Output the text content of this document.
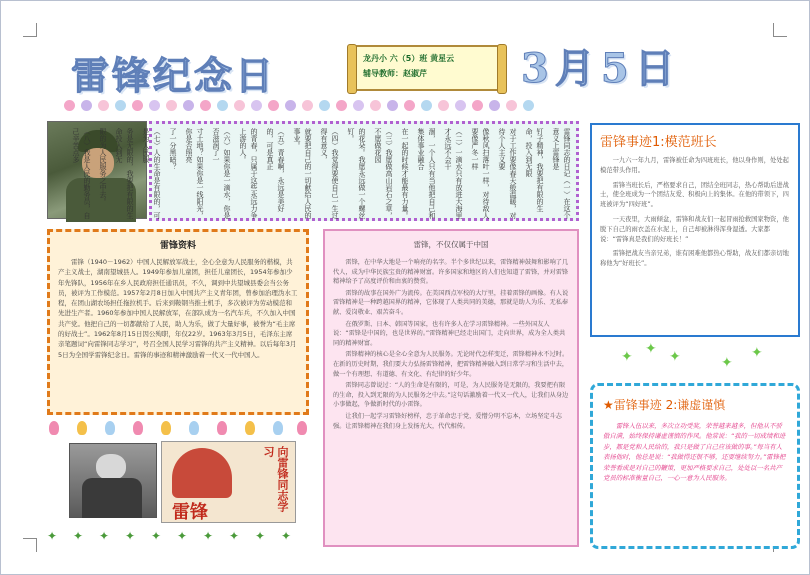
雷锋纪念日	龙丹小 六（5）班 黄星云
辅导教师：赵淑芹	3月5日
雷锋同志的日记（一）在这个意义上雷锋是
钉子精神，我要把有限的生命，投入到无限
对于工作要像春天般温暖，对待个人主义要
像秋风扫落叶一样，对待敌人要像严冬一样
（二）一滴水只有放进大海里才永远不会干
涸，一个人只有当他把自己和集体事业融合
在一起的时候才能最有力量。
（三）我愿做高山岩石之草，不愿做花园
的花朵。我愿永远做一个螺丝钉。
（四）我觉得要使自己一生过得有意义，
就要把自己的一切献给人民的事业。
（五）青春啊，永远是美好的，可是真正
的青春，只属于这些永远力争上游的人。
（六）如果你是一滴水，你是否滋润了一
寸土地？如果你是一线阳光，你是否照亮
了一分黑暗？
（七）人的生命是有限的，可是为人民服
务是无限的，我要把有限的生命投入到无
限的为人民服务之中去。
（八）我是人民的勤务员，自己辛苦点多
雷锋资料
雷锋（1940－1962）中国人民解放军战士，全心全意为人民服务的楷模，共产主义战士，湖南望城县人。1949年参加儿童团，担任儿童团长，1954年参加少年先锋队，1956年在乡人民政府担任通讯员，不久，调到中共望城县委会当公务员，被评为工作模范。1957年2月8日加入中国共产主义青年团，曾参加治理沩水工程，在团山湖农场担任拖拉机手。后来到鞍钢当推土机手，多次被评为劳动模范和先进生产者。1960年参加中国人民解放军，在部队成为一名汽车兵，不久加入中国共产党。他把自己的一切都献给了人民，助人为乐，做了大量好事，被誉为“毛主席的好战士”。1962年8月15日因公殉职，年仅22岁。1963年3月5日，毛泽东主席亲笔题词“向雷锋同志学习”，号召全国人民学习雷锋的共产主义精神。以后每年3月5日为全国学雷锋纪念日。雷锋的事迹和精神激励着一代又一代中国人。
雷锋
向雷锋同志学习
✦ ✦ ✦ ✦ ✦ ✦ ✦ ✦ ✦ ✦
雷锋，不仅仅属于中国
雷锋，在中华大地是一个响亮的名字。半个多世纪以来，雷锋精神鼓舞和影响了几代人，成为中华民族宝贵的精神财富。许多国家和地区的人们也知道了雷锋，并对雷锋精神给予了高度评价和由衷的赞赏。
雷锋的故事在国外广为流传。在美国西点军校的大厅里，挂着雷锋的画像。有人说雷锋精神是一种跨越国界的精神，它体现了人类共同的美德，那就是助人为乐、无私奉献、爱岗敬业、艰苦奋斗。
在俄罗斯、日本、韩国等国家，也有许多人在学习雷锋精神。一些外国友人说：“雷锋是中国的，也是世界的。”雷锋精神已经走出国门，走向世界，成为全人类共同的精神财富。
雷锋精神的核心是全心全意为人民服务。无论时代怎样变迁，雷锋精神永不过时。在新的历史时期，我们要大力弘扬雷锋精神，把雷锋精神融入到日常学习和生活中去，做一个有理想、有道德、有文化、有纪律的好少年。
雷锋同志曾说过：“人的生命是有限的，可是，为人民服务是无限的，我要把有限的生命，投入到无限的为人民服务之中去。”这句话激励着一代又一代人，让我们从身边小事做起，争做新时代的小雷锋。
让我们一起学习雷锋好榜样，忠于革命忠于党，爱憎分明不忘本，立场坚定斗志强。让雷锋精神在我们身上发扬光大，代代相传。
雷锋事迹1:模范班长
一九六一年九月，雷锋被任命为四班班长，他以身作则，处处起模范带头作用。
雷锋当班长后，严格要求自己，团结全班同志，热心帮助后进战士，使全班成为一个团结友爱、积极向上的集体。在他的带领下，四班被评为“四好班”。
一天夜里，大雨倾盆，雷锋和战友们一起冒雨抢救国家物资，他脱下自己的雨衣盖在水泥上，自己却被淋得浑身湿透。大家都说：“雷锋真是我们的好班长！”
雷锋把战友当亲兄弟，谁有困难他都热心帮助，战友们都亲切地称他为“好班长”。
✦ ✦ ✦	✦
✦
★雷锋事迹 2:谦虚谨慎
雷锋入伍以来，多次立功受奖，荣誉越来越多，但他从不骄傲自满，始终保持谦虚谨慎的作风。他常说：“我的一切成绩和进步，都是党和人民给的，我只是做了自己应该做的事。”每当有人表扬他时，他总是说：“我做得还很不够，还要继续努力。”雷锋把荣誉看成是对自己的鞭策，更加严格要求自己，处处以一名共产党员的标准衡量自己，一心一意为人民服务。
